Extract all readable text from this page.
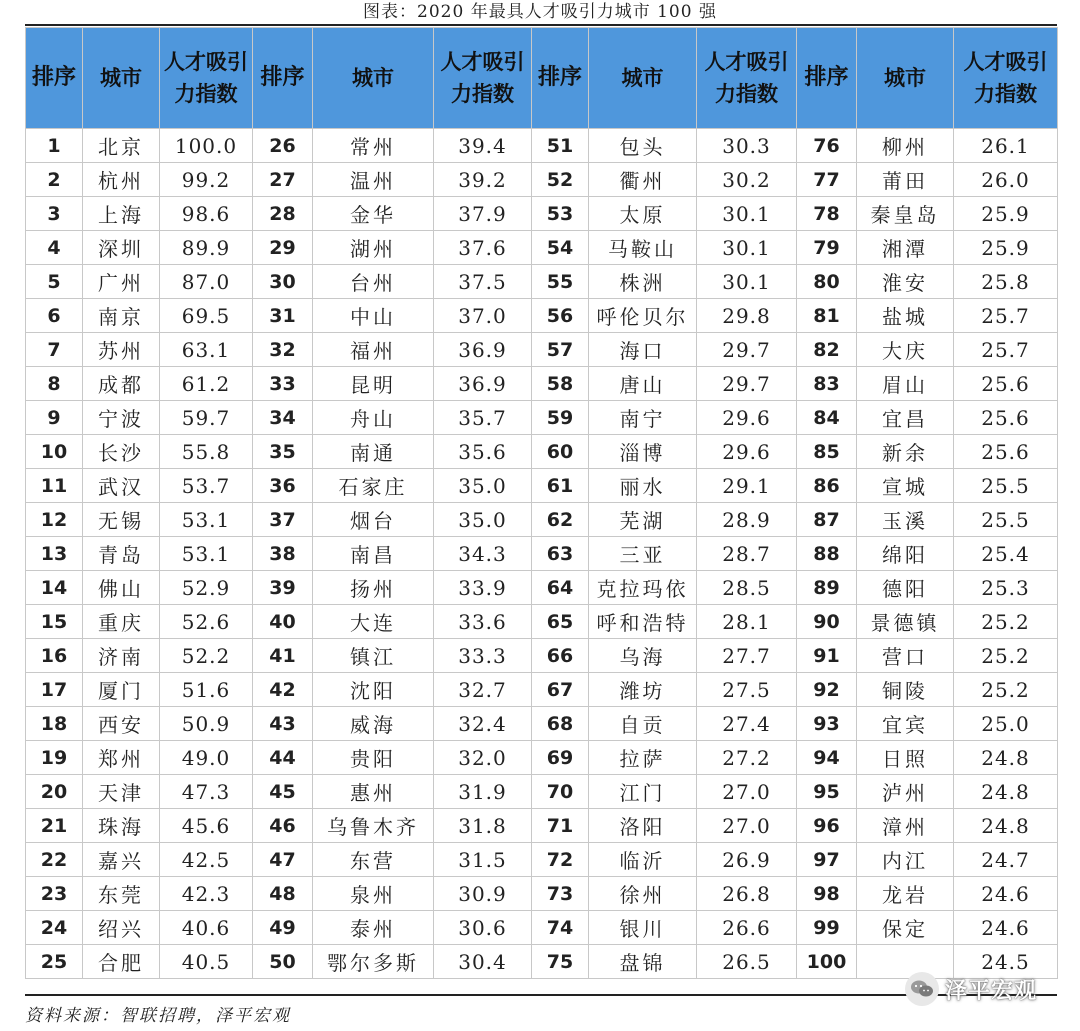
图表：2020 年最具人才吸引力城市 100 强
排序	城市	人才吸引力指数	排序	城市	人才吸引力指数	排序	城市	人才吸引力指数	排序	城市	人才吸引力指数
1	北京	100.0	26	常州	39.4	51	包头	30.3	76	柳州	26.1
2	杭州	99.2	27	温州	39.2	52	衢州	30.2	77	莆田	26.0
3	上海	98.6	28	金华	37.9	53	太原	30.1	78	秦皇岛	25.9
4	深圳	89.9	29	湖州	37.6	54	马鞍山	30.1	79	湘潭	25.9
5	广州	87.0	30	台州	37.5	55	株洲	30.1	80	淮安	25.8
6	南京	69.5	31	中山	37.0	56	呼伦贝尔	29.8	81	盐城	25.7
7	苏州	63.1	32	福州	36.9	57	海口	29.7	82	大庆	25.7
8	成都	61.2	33	昆明	36.9	58	唐山	29.7	83	眉山	25.6
9	宁波	59.7	34	舟山	35.7	59	南宁	29.6	84	宜昌	25.6
10	长沙	55.8	35	南通	35.6	60	淄博	29.6	85	新余	25.6
11	武汉	53.7	36	石家庄	35.0	61	丽水	29.1	86	宣城	25.5
12	无锡	53.1	37	烟台	35.0	62	芜湖	28.9	87	玉溪	25.5
13	青岛	53.1	38	南昌	34.3	63	三亚	28.7	88	绵阳	25.4
14	佛山	52.9	39	扬州	33.9	64	克拉玛依	28.5	89	德阳	25.3
15	重庆	52.6	40	大连	33.6	65	呼和浩特	28.1	90	景德镇	25.2
16	济南	52.2	41	镇江	33.3	66	乌海	27.7	91	营口	25.2
17	厦门	51.6	42	沈阳	32.7	67	潍坊	27.5	92	铜陵	25.2
18	西安	50.9	43	威海	32.4	68	自贡	27.4	93	宜宾	25.0
19	郑州	49.0	44	贵阳	32.0	69	拉萨	27.2	94	日照	24.8
20	天津	47.3	45	惠州	31.9	70	江门	27.0	95	泸州	24.8
21	珠海	45.6	46	乌鲁木齐	31.8	71	洛阳	27.0	96	漳州	24.8
22	嘉兴	42.5	47	东营	31.5	72	临沂	26.9	97	内江	24.7
23	东莞	42.3	48	泉州	30.9	73	徐州	26.8	98	龙岩	24.6
24	绍兴	40.6	49	泰州	30.6	74	银川	26.6	99	保定	24.6
25	合肥	40.5	50	鄂尔多斯	30.4	75	盘锦	26.5	100		24.5
资料来源：智联招聘，泽平宏观
泽平宏观
